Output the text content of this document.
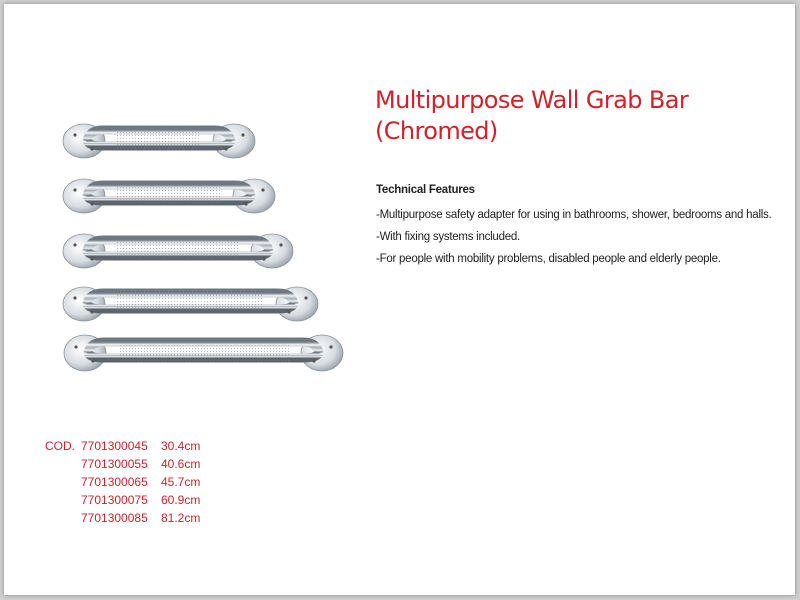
Multipurpose Wall Grab Bar
(Chromed)
Technical Features
-Multipurpose safety adapter for using in bathrooms, shower, bedrooms and halls.
-With fixing systems included.
-For people with mobility problems, disabled people and elderly people.
COD. 7701300045 30.4cm
7701300055 40.6cm
7701300065 45.7cm
7701300075 60.9cm
7701300085 81.2cm
